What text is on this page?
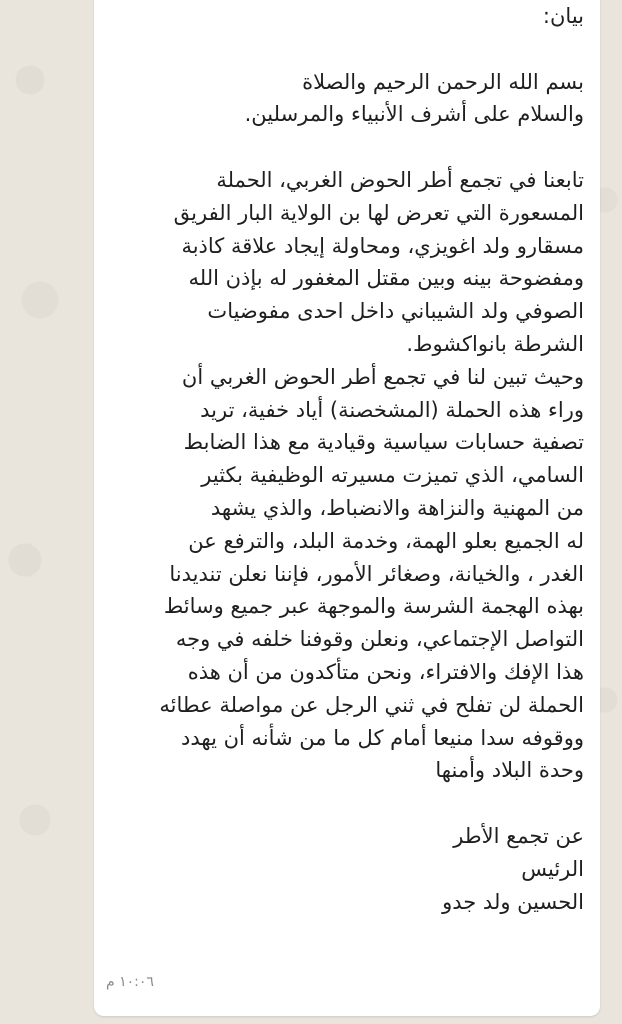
بيان:
بسم الله الرحمن الرحيم والصلاة
والسلام على أشرف الأنبياء والمرسلين.
تابعنا في تجمع أطر الحوض الغربي، الحملة
المسعورة التي تعرض لها بن الولاية البار الفريق
مسقارو ولد اغويزي، ومحاولة إيجاد علاقة كاذبة
ومفضوحة بينه وبين مقتل المغفور له بإذن الله
الصوفي ولد الشيباني داخل احدى مفوضيات
الشرطة بانواكشوط.
وحيث تبين لنا في تجمع أطر الحوض الغربي أن
وراء هذه الحملة (المشخصنة) أياد خفية، تريد
تصفية حسابات سياسية وقيادية مع هذا الضابط
السامي، الذي تميزت مسيرته الوظيفية بكثير
من المهنية والنزاهة والانضباط، والذي يشهد
له الجميع بعلو الهمة، وخدمة البلد، والترفع عن
الغدر ، والخيانة، وصغائر الأمور، فإننا نعلن تنديدنا
بهذه الهجمة الشرسة والموجهة عبر جميع وسائط
التواصل الإجتماعي، ونعلن وقوفنا خلفه في وجه
هذا الإفك والافتراء، ونحن متأكدون من أن هذه
الحملة لن تفلح في ثني الرجل عن مواصلة عطائه
ووقوفه سدا منيعا أمام كل ما من شأنه أن يهدد
وحدة البلاد وأمنها
عن تجمع الأطر
الرئيس
الحسين ولد جدو
١٠:٠٦ م
